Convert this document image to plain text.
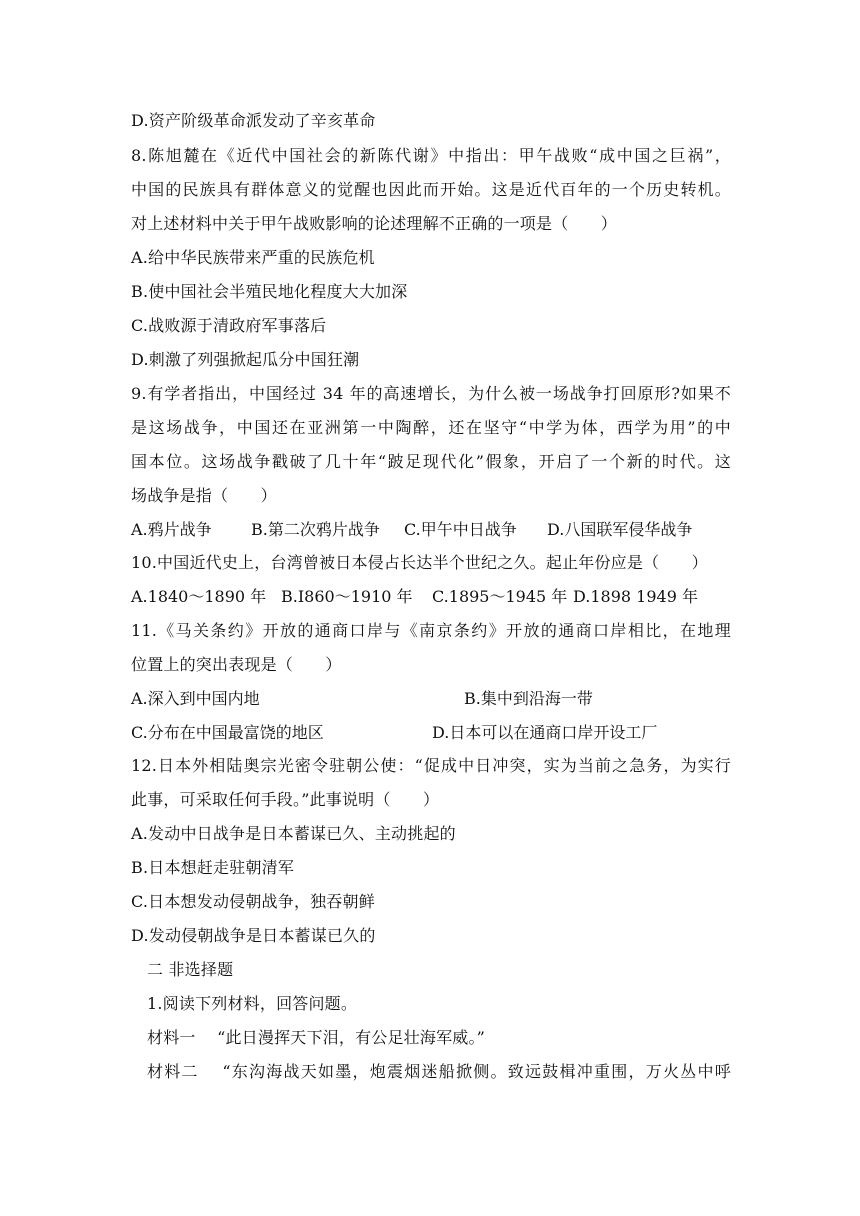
D.资产阶级革命派发动了辛亥革命
8.陈旭麓在《近代中国社会的新陈代谢》中指出：甲午战败“成中国之巨祸”，
中国的民族具有群体意义的觉醒也因此而开始。这是近代百年的一个历史转机。
对上述材料中关于甲午战败影响的论述理解不正确的一项是（　　）
A.给中华民族带来严重的民族危机
B.使中国社会半殖民地化程度大大加深
C.战败源于清政府军事落后
D.刺激了列强掀起瓜分中国狂潮
9.有学者指出，中国经过 34 年的高速增长，为什么被一场战争打回原形?如果不
是这场战争，中国还在亚洲第一中陶醉，还在坚守“中学为体，西学为用”的中
国本位。这场战争戳破了几十年“跛足现代化”假象，开启了一个新的时代。这
场战争是指（　　）
A.鸦片战争 B.第二次鸦片战争 C.甲午中日战争 D.八国联军侵华战争
10.中国近代史上，台湾曾被日本侵占长达半个世纪之久。起止年份应是（　　）
A.1840～1890 年 B.I860～1910 年 C.1895～1945 年 D.1898 1949 年
11.《马关条约》开放的通商口岸与《南京条约》开放的通商口岸相比，在地理
位置上的突出表现是（　　）
A.深入到中国内地	B.集中到沿海一带
C.分布在中国最富饶的地区	D.日本可以在通商口岸开设工厂
12.日本外相陆奥宗光密令驻朝公使：“促成中日冲突，实为当前之急务，为实行
此事，可采取任何手段。”此事说明（　　）
A.发动中日战争是日本蓄谋已久、主动挑起的
B.日本想赶走驻朝清军
C.日本想发动侵朝战争，独吞朝鲜
D.发动侵朝战争是日本蓄谋已久的
二 非选择题
1.阅读下列材料，回答问题。
材料一　 “此日漫挥天下泪，有公足壮海军威。”
材料二　 “东沟海战天如墨，炮震烟迷船掀侧。致远鼓楫冲重围，万火丛中呼
